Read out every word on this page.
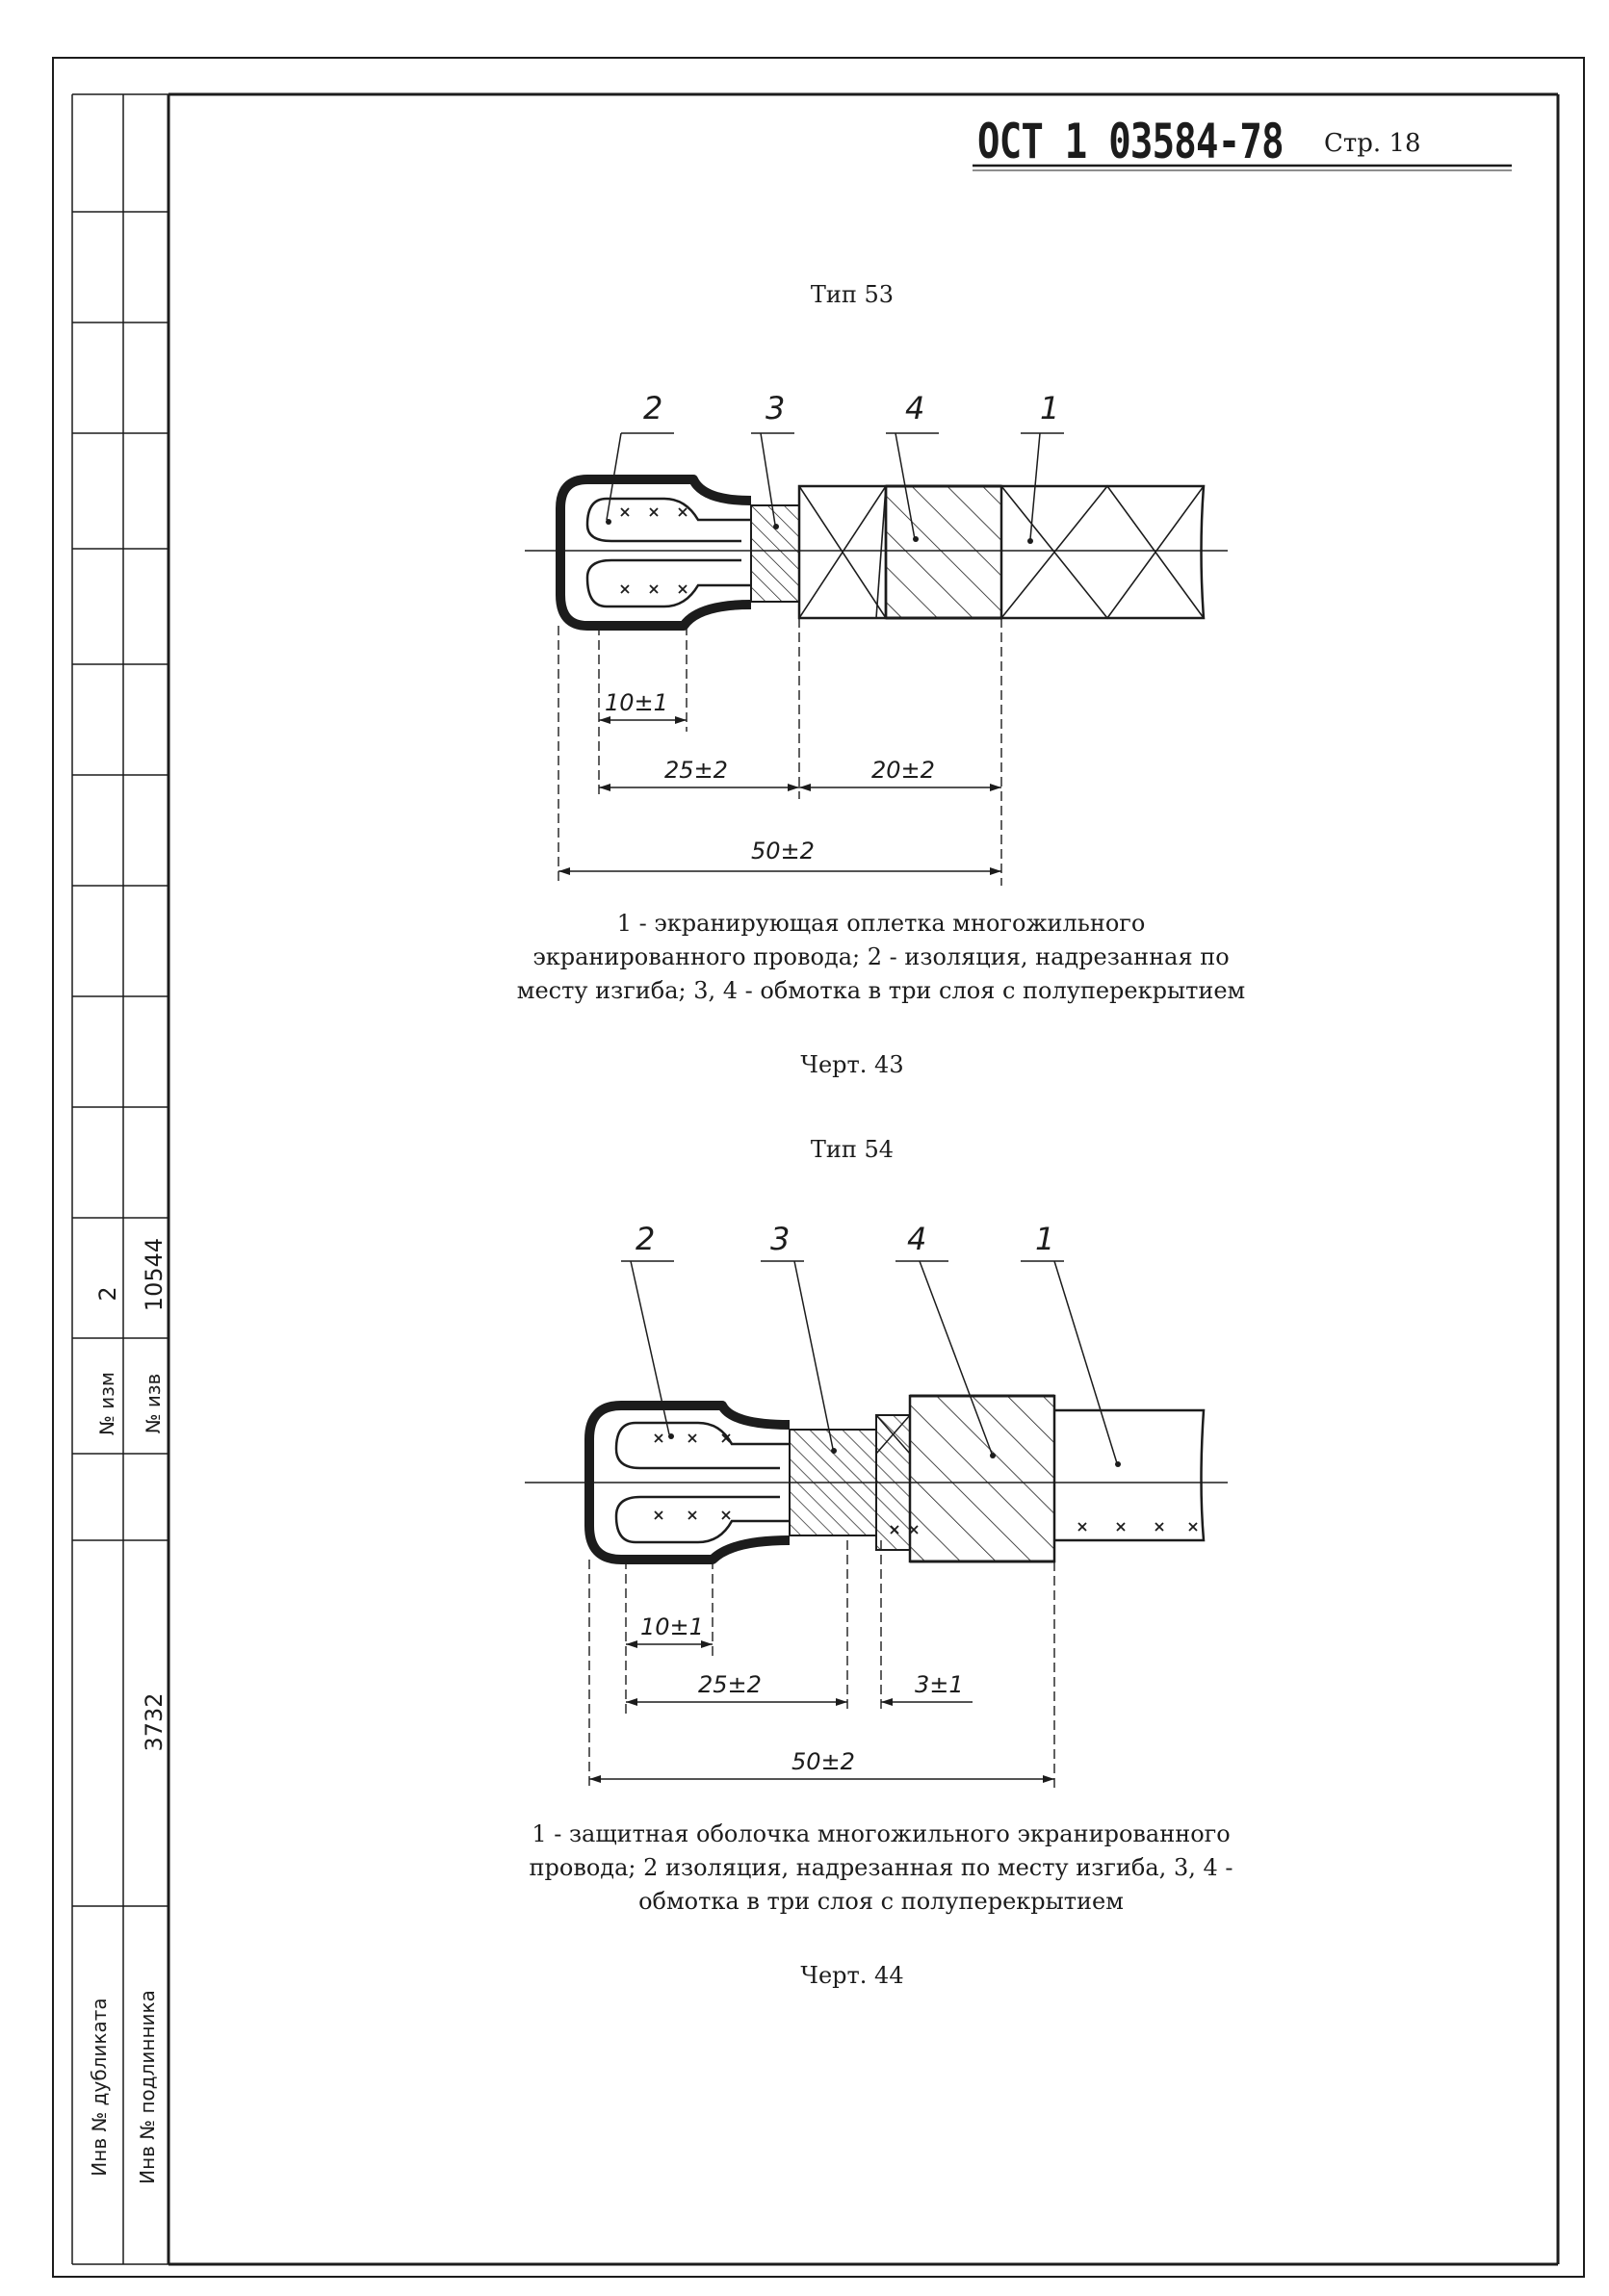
ОСТ 1 03584-78 Стр. 18
Тип 53
2	3	4	1
10±1
25±2	20±2
50±2
1 - экранирующая оплетка многожильного экранированного провода; 2 - изоляция, надрезанная по месту изгиба; 3, 4 - обмотка в три слоя с полуперекрытием
Черт. 43
Тип 54
2	3	4	1
10±1
25±2	3±1
50±2
1 - защитная оболочка многожильного экранированного провода; 2 изоляция, надрезанная по месту изгиба, 3, 4 - обмотка в три слоя с полуперекрытием
Черт. 44
№ изм
2
№ изв
10544
3732
Инв № дубликата Инв № подлинника
